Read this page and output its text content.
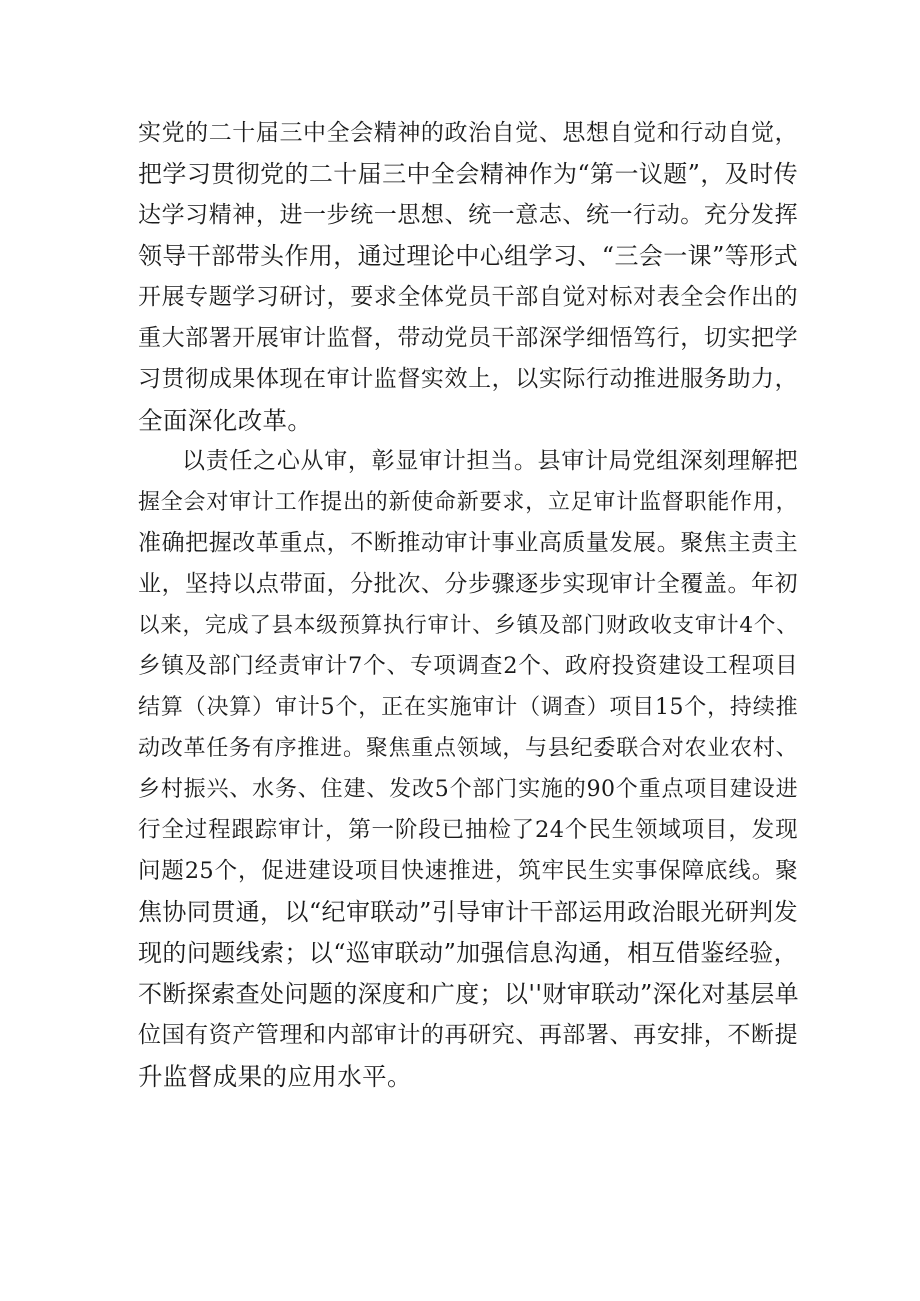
实党的二十届三中全会精神的政治自觉、思想自觉和行动自觉，
把学习贯彻党的二十届三中全会精神作为“第一议题”，及时传
达学习精神，进一步统一思想、统一意志、统一行动。充分发挥
领导干部带头作用，通过理论中心组学习、“三会一课”等形式
开展专题学习研讨，要求全体党员干部自觉对标对表全会作出的
重大部署开展审计监督，带动党员干部深学细悟笃行，切实把学
习贯彻成果体现在审计监督实效上，以实际行动推进服务助力，
全面深化改革。
以责任之心从审，彰显审计担当。县审计局党组深刻理解把
握全会对审计工作提出的新使命新要求，立足审计监督职能作用，
准确把握改革重点，不断推动审计事业高质量发展。聚焦主责主
业，坚持以点带面，分批次、分步骤逐步实现审计全覆盖。年初
以来，完成了县本级预算执行审计、乡镇及部门财政收支审计4个、
乡镇及部门经责审计7个、专项调查2个、政府投资建设工程项目
结算（决算）审计5个，正在实施审计（调查）项目15个，持续推
动改革任务有序推进。聚焦重点领域，与县纪委联合对农业农村、
乡村振兴、水务、住建、发改5个部门实施的90个重点项目建设进
行全过程跟踪审计，第一阶段已抽检了24个民生领域项目，发现
问题25个，促进建设项目快速推进，筑牢民生实事保障底线。聚
焦协同贯通，以“纪审联动”引导审计干部运用政治眼光研判发
现的问题线索；以“巡审联动”加强信息沟通，相互借鉴经验，
不断探索查处问题的深度和广度；以''财审联动”深化对基层单
位国有资产管理和内部审计的再研究、再部署、再安排，不断提
升监督成果的应用水平。
